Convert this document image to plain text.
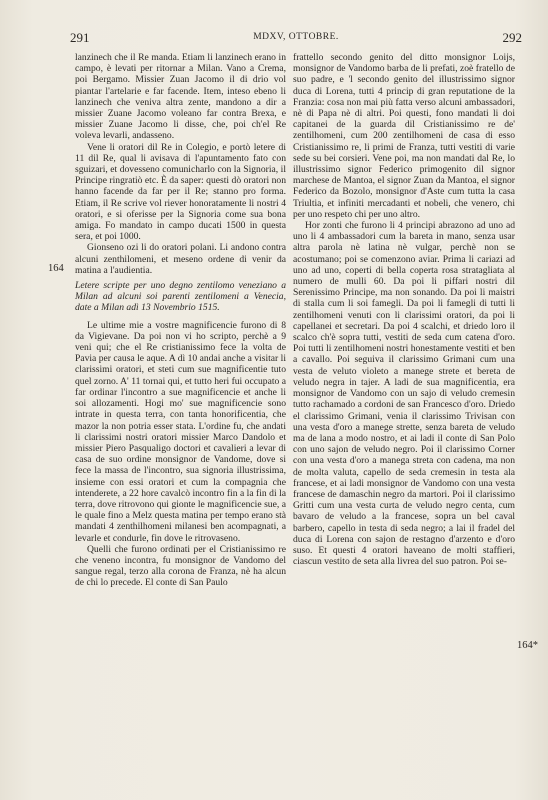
291	MDXV, OTTOBRE.	292
164
164*

lanzinech che il Re manda. Etiam li lanzinech erano in campo, è levati per ritornar a Milan. Vano a Crema, poi Bergamo. Missier Zuan Jacomo il di drio vol piantar l'artelarie e far facende. Item, inteso ebeno li lanzinech che veniva altra zente, mandono a dir a missier Zuane Jacomo voleano far contra Brexa, e missier Zuane Jacomo li disse, che, poi ch'el Re voleva levarli, andasseno.

Vene li oratori dil Re in Colegio, e portò letere di 11 dil Re, qual li avisava di l'apuntamento fato con sguizari, et dovesseno comunicharlo con la Signoria, il Principe ringratiò etc. È da saper: questi dò oratori non hanno facende da far per il Re; stanno pro forma. Etiam, il Re scrive vol riever honoratamente li nostri 4 oratori, e si oferisse per la Signoria come sua bona amiga. Fo mandato in campo ducati 1500 in questa sera, et poi 1000.

Gionseno ozi li do oratori polani. Li andono contra alcuni zenthilomeni, et meseno ordene di venir da matina a l'audientia.

Letere scripte per uno degno zentilomo veneziano a Milan ad alcuni soi parenti zentilomeni a Venecia, date a Milan adì 13 Novembrio 1515.

Le ultime mie a vostre magnificencie furono di 8 da Vigievane. Da poi non vi ho scripto, perchè a 9 veni qui; che el Re cristianissimo fece la volta de Pavia per causa le aque. A dì 10 andai anche a visitar li clarissimi oratori, et steti cum sue magnificentie tuto quel zorno. A' 11 tornai qui, et tutto heri fui occupato a far ordinar l'incontro a sue magnificencie et anche li soi allozamenti. Hogi mo' sue magnificencie sono intrate in questa terra, con tanta honorificentia, che mazor la non potria esser stata. L'ordine fu, che andati li clarissimi nostri oratori missier Marco Dandolo et missier Piero Pasqualigo doctori et cavalieri a levar di casa de suo ordine monsignor de Vandome, dove si fece la massa de l'incontro, sua signoria illustrissima, insieme con essi oratori et cum la compagnia che intenderete, a 22 hore cavalcò incontro fin a la fin di la terra, dove ritrovono qui gionte le magnificencie sue, a le quale fino a Melz questa matina per tempo erano stà mandati 4 zenthilhomeni milanesi ben acompagnati, a levarle et condurle, fin dove le ritrovaseno.

Quelli che furono ordinati per el Cristianissimo re che veneno incontra, fu monsignor de Vandomo del sangue regal, terzo alla corona de Franza, nè ha alcun de chi lo precede. El conte di San Paulo

frattello secondo genito del ditto monsignor Loijs, monsignor de Vandomo barba de li prefati, zoè fratello de suo padre, e 'l secondo genito del illustrissimo signor duca di Lorena, tutti 4 princip di gran reputatione de la Franzia: cosa non mai più fatta verso alcuni ambassadori, nè di Papa nè di altri. Poi questi, fono mandati li doi capitanei de la guarda dil Cristianissimo re de' zentilhomeni, cum 200 zentilhomeni de casa di esso Cristianissimo re, li primi de Franza, tutti vestiti di varie sede su bei corsieri. Vene poi, ma non mandati dal Re, lo illustrissimo signor Federico primogenito dil signor marchese de Mantoa, el signor Zuan da Mantoa, el signor Federico da Bozolo, monsignor d'Aste cum tutta la casa Triultia, et infiniti mercadanti et nobeli, che venero, chi per uno respeto chi per uno altro.

Hor zonti che furono li 4 principi abrazono ad uno ad uno li 4 ambassadori cum la bareta in mano, senza usar altra parola nè latina nè vulgar, perchè non se acostumano; poi se comenzono aviar. Prima li cariazi ad uno ad uno, coperti di bella coperta rosa stratagliata al numero de mulli 60. Da poi li piffari nostri dil Serenissimo Principe, ma non sonando. Da poi li maistri di stalla cum li soi famegli. Da poi li famegli di tutti li zentilhomeni venuti con li clarissimi oratori, da poi li capellanei et secretari. Da poi 4 scalchi, et driedo loro il scalco ch'è sopra tutti, vestiti de seda cum catena d'oro. Poi tutti li zentilhomeni nostri honestamente vestiti et ben a cavallo. Poi seguiva il clarissimo Grimani cum una vesta de veluto violeto a manege strete et bereta de veludo negra in tajer. A ladi de sua magnificentia, era monsignor de Vandomo con un sajo di veludo cremesin tutto rachamado a cordoni de san Francesco d'oro. Driedo el clarissimo Grimani, venia il clarissimo Trivisan con una vesta d'oro a manege strette, senza bareta de veludo ma de lana a modo nostro, et ai ladi il conte di San Polo con uno sajon de veludo negro. Poi il clarissimo Corner con una vesta d'oro a manega streta con cadena, ma non de molta valuta, capello de seda cremesin in testa ala francese, et ai ladi monsignor de Vandomo con una vesta francese de damaschin negro da martori. Poi il clarissimo Gritti cum una vesta curta de veludo negro centa, cum bavaro de veludo a la francese, sopra un bel caval barbero, capello in testa di seda negro; a lai il fradel del duca di Lorena con sajon de restagno d'arzento e d'oro suso. Et questi 4 oratori haveano de molti staffieri, ciascun vestito de seta alla livrea del suo patron. Poi se-
